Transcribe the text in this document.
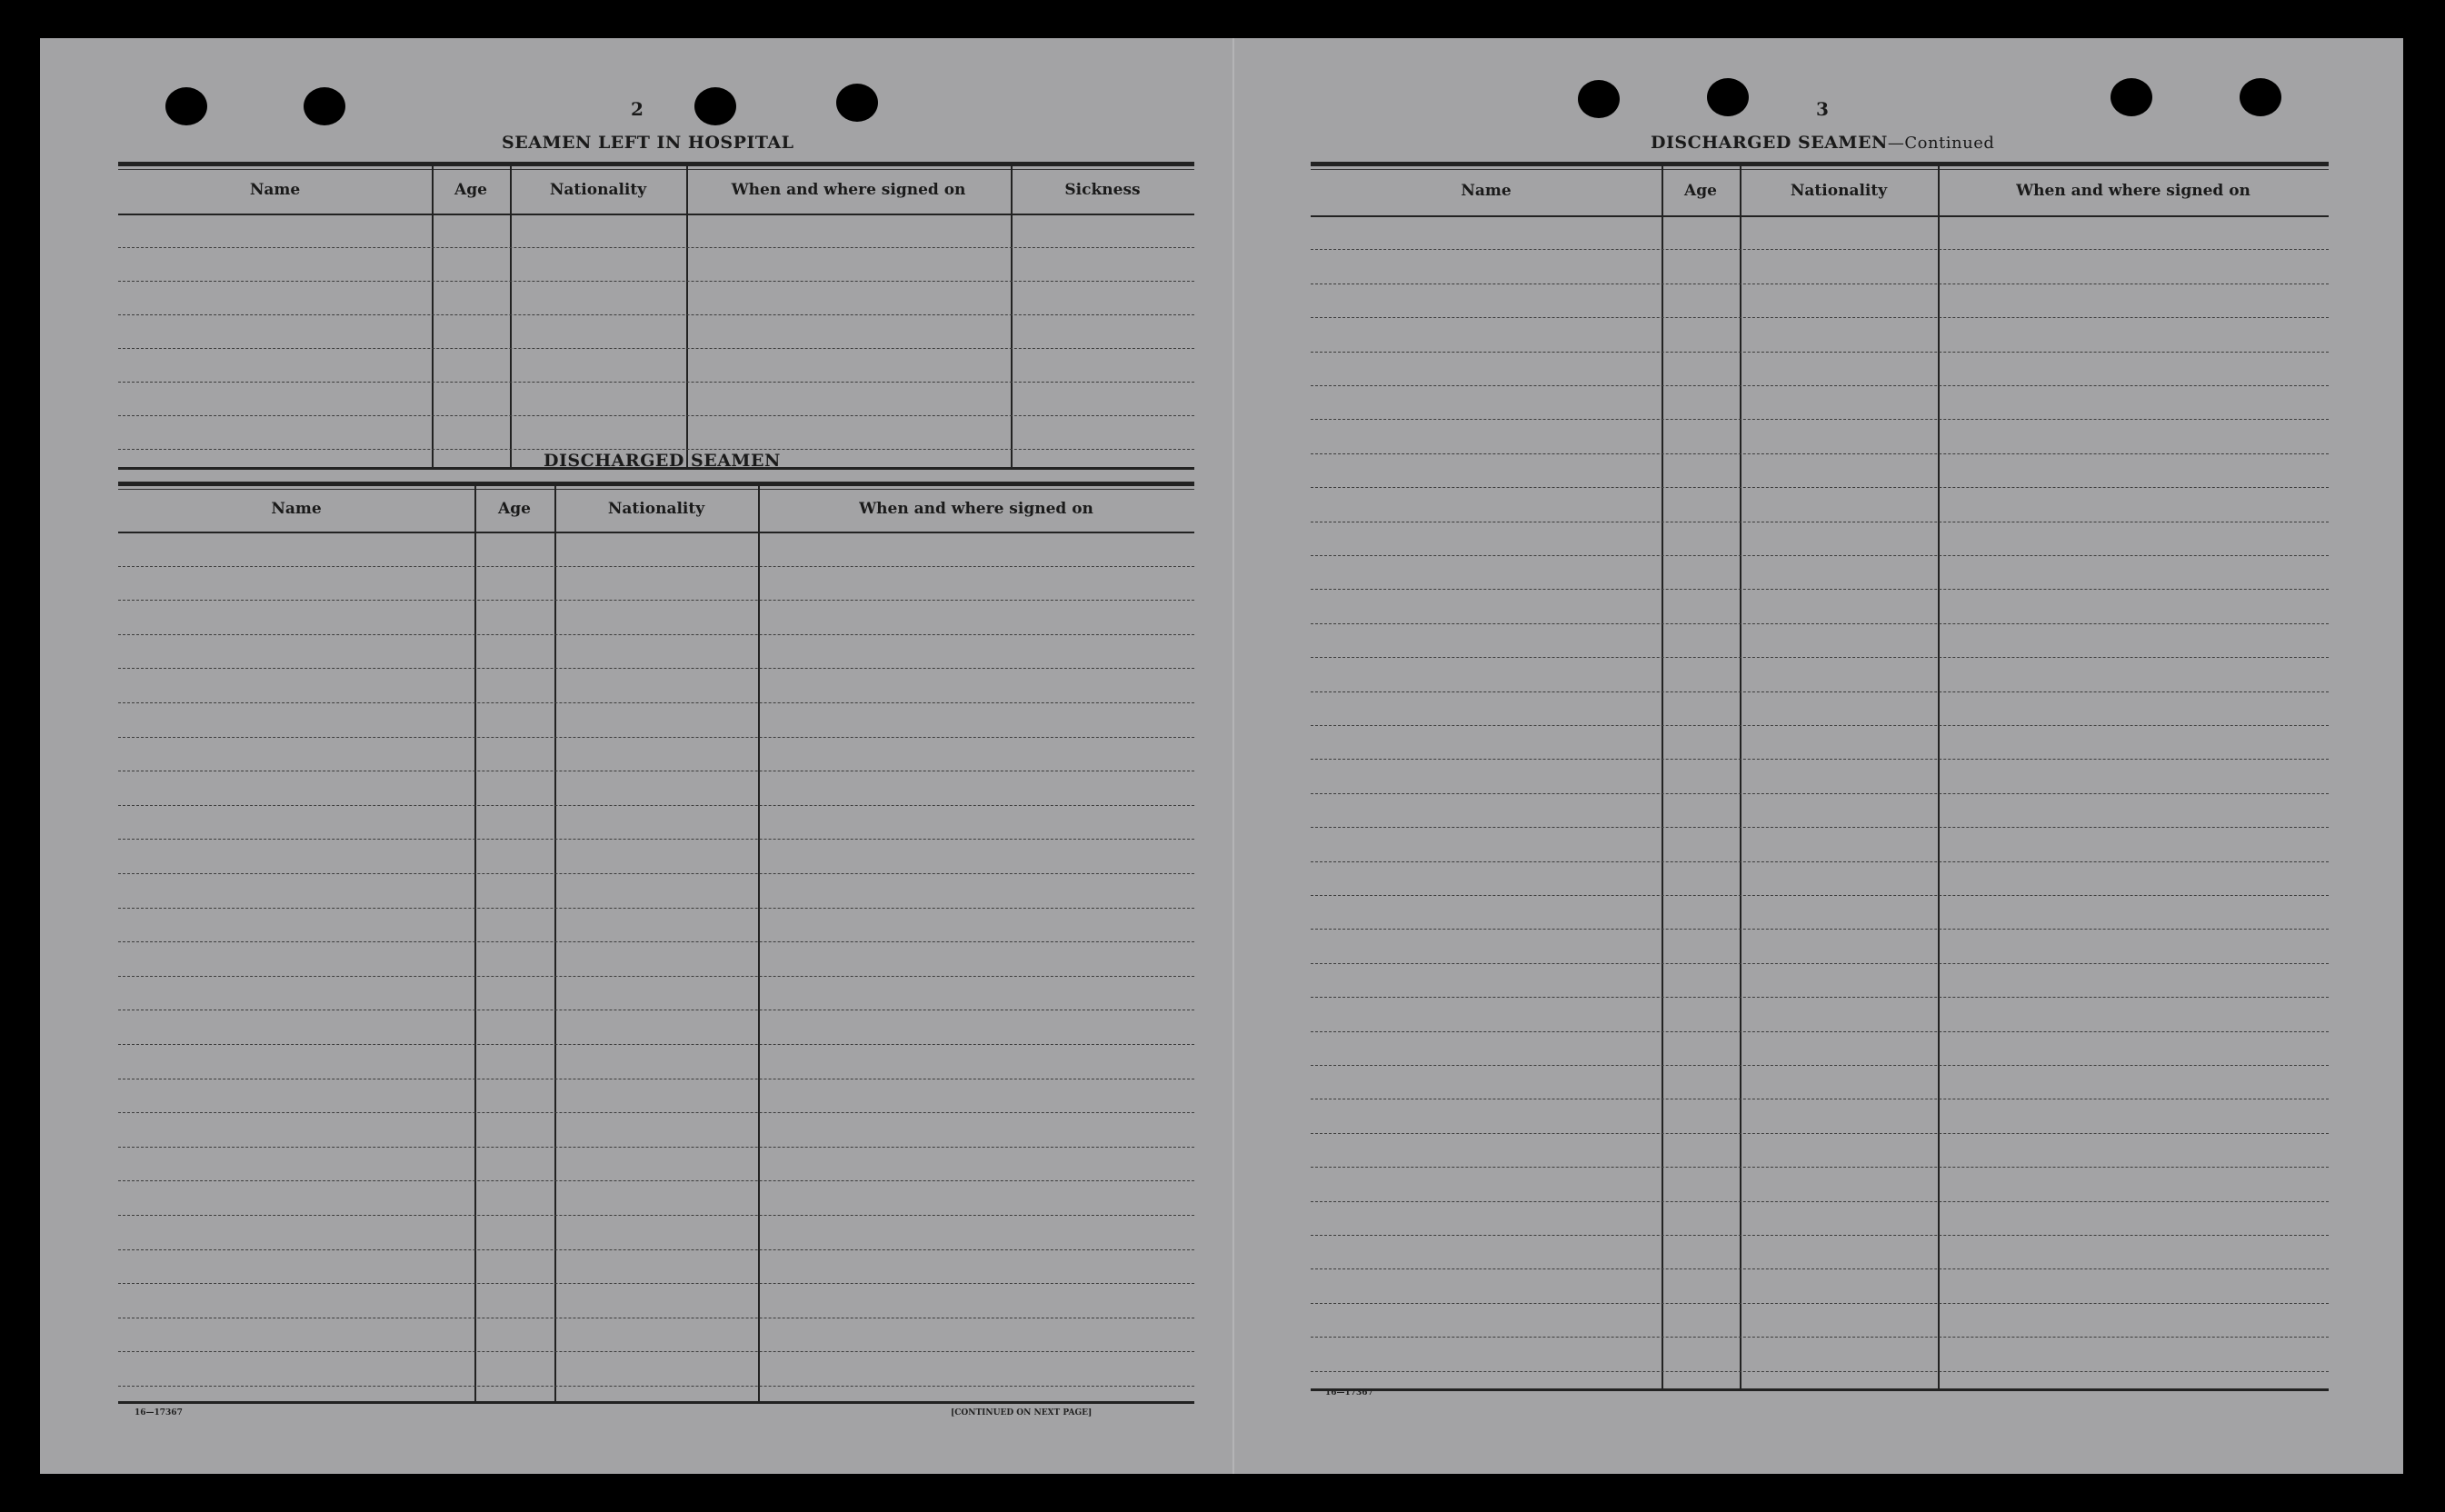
2
SEAMEN LEFT IN HOSPITAL
Name	Age	Nationality	When and where signed on	Sickness
DISCHARGED SEAMEN
Name	Age	Nationality	When and where signed on
16—17367	[CONTINUED ON NEXT PAGE]
3
DISCHARGED SEAMEN—Continued
Name	Age	Nationality	When and where signed on
16—17367
